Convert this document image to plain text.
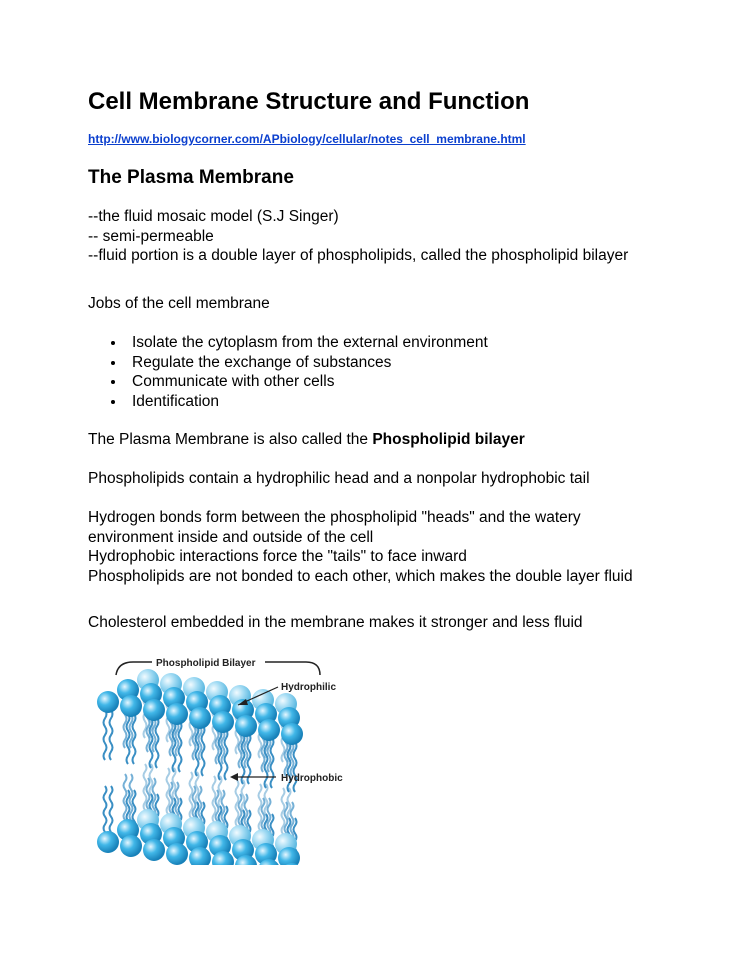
Cell Membrane Structure and Function
http://www.biologycorner.com/APbiology/cellular/notes_cell_membrane.html
The Plasma Membrane
--the fluid mosaic model (S.J Singer)
-- semi-permeable
--fluid portion is a double layer of phospholipids, called the phospholipid bilayer
Jobs of the cell membrane
Isolate the cytoplasm from the external environment
Regulate the exchange of substances
Communicate with other cells
Identification
The Plasma Membrane is also called the Phospholipid bilayer
Phospholipids contain a hydrophilic head and a nonpolar hydrophobic tail
Hydrogen bonds form between the phospholipid "heads" and the watery environment inside and outside of the cell
Hydrophobic interactions force the "tails" to face inward
Phospholipids are not bonded to each other, which makes the double layer fluid
Cholesterol embedded in the membrane makes it stronger and less fluid
Phospholipid Bilayer
Hydrophilic
Hydrophobic
